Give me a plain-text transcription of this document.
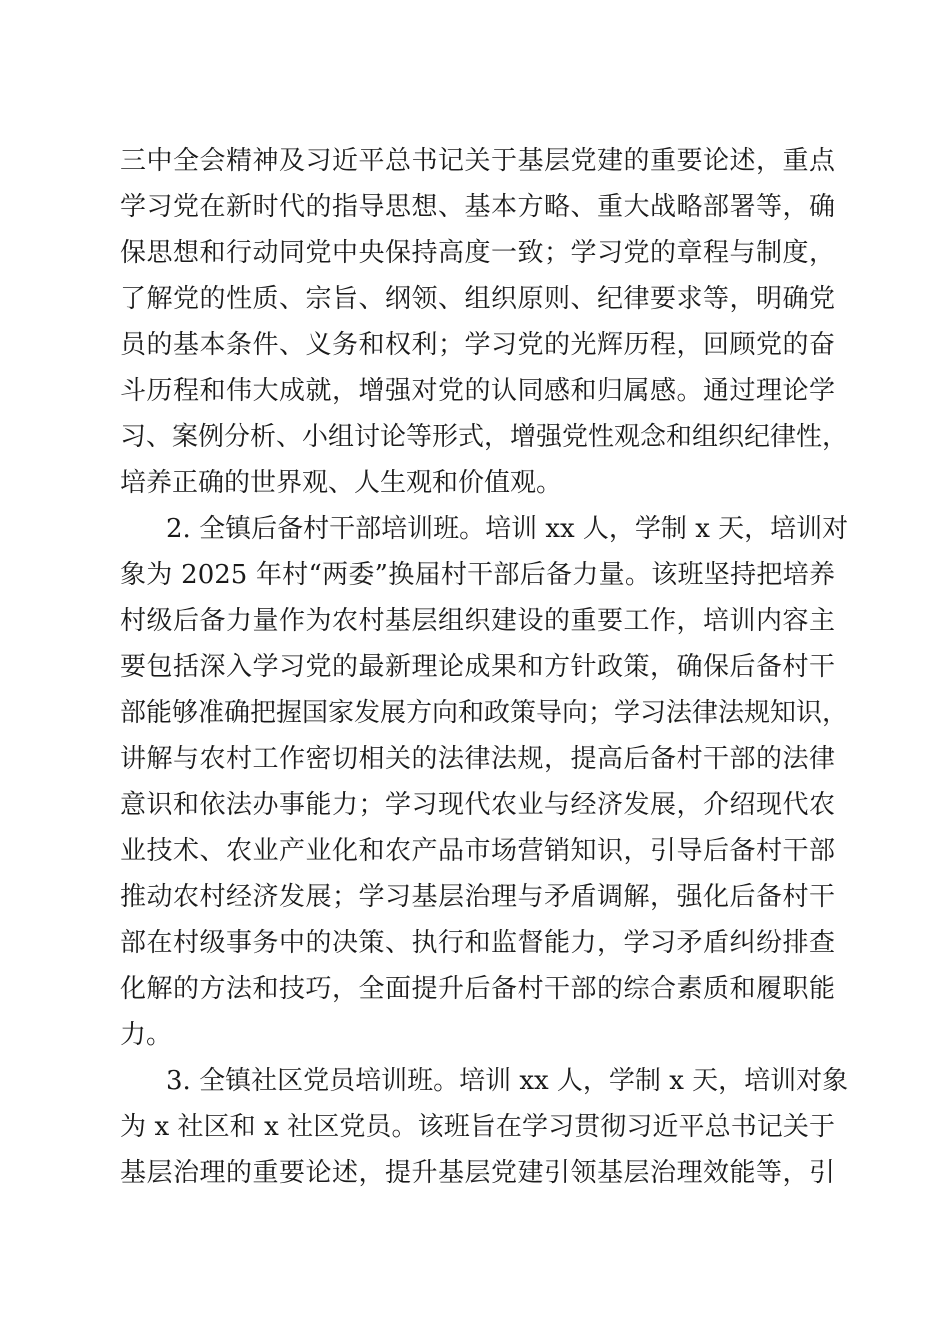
三中全会精神及习近平总书记关于基层党建的重要论述，重点
学习党在新时代的指导思想、基本方略、重大战略部署等，确
保思想和行动同党中央保持高度一致；学习党的章程与制度，
了解党的性质、宗旨、纲领、组织原则、纪律要求等，明确党
员的基本条件、义务和权利；学习党的光辉历程，回顾党的奋
斗历程和伟大成就，增强对党的认同感和归属感。通过理论学
习、案例分析、小组讨论等形式，增强党性观念和组织纪律性，
培养正确的世界观、人生观和价值观。
2. 全镇后备村干部培训班。培训 xx 人，学制 x 天，培训对
象为 2025 年村“两委”换届村干部后备力量。该班坚持把培养
村级后备力量作为农村基层组织建设的重要工作，培训内容主
要包括深入学习党的最新理论成果和方针政策，确保后备村干
部能够准确把握国家发展方向和政策导向；学习法律法规知识，
讲解与农村工作密切相关的法律法规，提高后备村干部的法律
意识和依法办事能力；学习现代农业与经济发展，介绍现代农
业技术、农业产业化和农产品市场营销知识，引导后备村干部
推动农村经济发展；学习基层治理与矛盾调解，强化后备村干
部在村级事务中的决策、执行和监督能力，学习矛盾纠纷排查
化解的方法和技巧，全面提升后备村干部的综合素质和履职能
力。
3. 全镇社区党员培训班。培训 xx 人，学制 x 天，培训对象
为 x 社区和 x 社区党员。该班旨在学习贯彻习近平总书记关于
基层治理的重要论述，提升基层党建引领基层治理效能等，引
